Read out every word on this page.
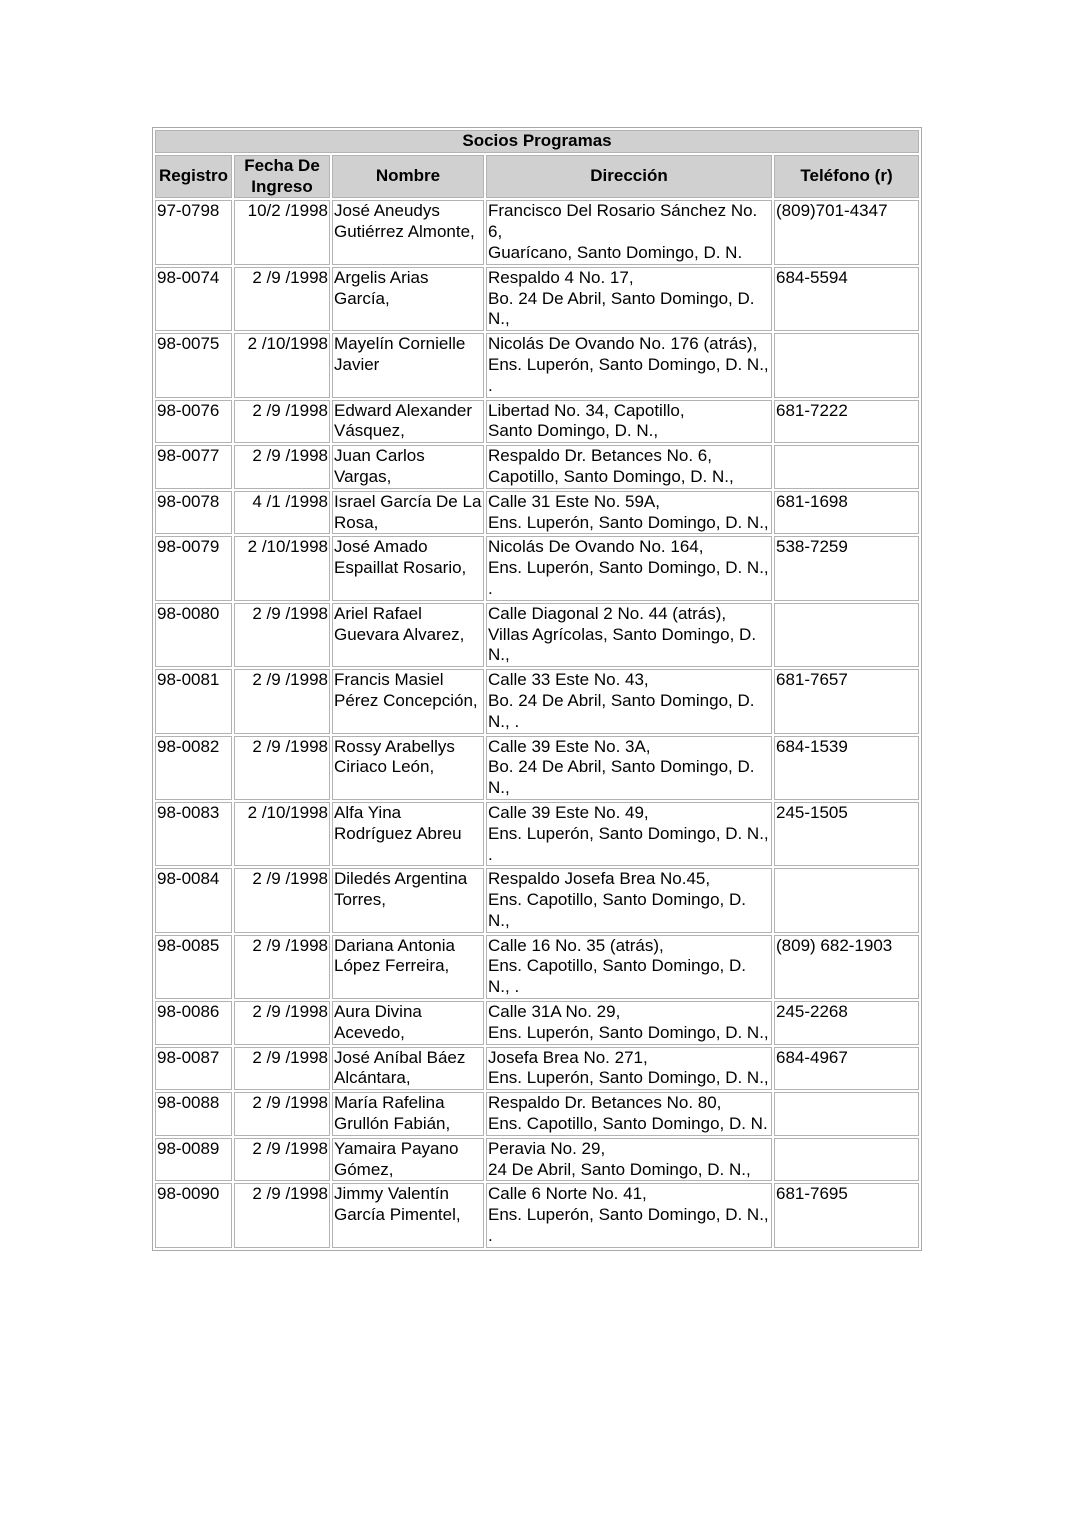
Socios Programas				
Registro	Fecha De Ingreso	Nombre	Dirección	Teléfono (r)
97-0798	10/2 /1998	José Aneudys Gutiérrez Almonte,	Francisco Del Rosario Sánchez No. 6,
Guarícano, Santo Domingo, D. N.	(809)701-4347
98-0074	2 /9 /1998	Argelis Arias García,	Respaldo 4 No. 17,
Bo. 24 De Abril, Santo Domingo, D. N.,	684-5594
98-0075	2 /10/1998	Mayelín Cornielle Javier	Nicolás De Ovando No. 176 (atrás),
Ens. Luperón, Santo Domingo, D. N., .	
98-0076	2 /9 /1998	Edward Alexander Vásquez,	Libertad No. 34, Capotillo,
Santo Domingo, D. N.,	681-7222
98-0077	2 /9 /1998	Juan Carlos Vargas,	Respaldo Dr. Betances No. 6,
Capotillo, Santo Domingo, D. N.,	
98-0078	4 /1 /1998	Israel García De La Rosa,	Calle 31 Este No. 59A,
Ens. Luperón, Santo Domingo, D. N.,	681-1698
98-0079	2 /10/1998	José Amado Espaillat Rosario,	Nicolás De Ovando No. 164,
Ens. Luperón, Santo Domingo, D. N., .	538-7259
98-0080	2 /9 /1998	Ariel Rafael Guevara Alvarez,	Calle Diagonal 2 No. 44 (atrás),
Villas Agrícolas, Santo Domingo, D. N.,	
98-0081	2 /9 /1998	Francis Masiel Pérez Concepción,	Calle 33 Este No. 43,
Bo. 24 De Abril, Santo Domingo, D. N., .	681-7657
98-0082	2 /9 /1998	Rossy Arabellys Ciriaco León,	Calle 39 Este No. 3A,
Bo. 24 De Abril, Santo Domingo, D. N.,	684-1539
98-0083	2 /10/1998	Alfa Yina Rodríguez Abreu	Calle 39 Este No. 49,
Ens. Luperón, Santo Domingo, D. N., .	245-1505
98-0084	2 /9 /1998	Diledés Argentina Torres,	Respaldo Josefa Brea No.45,
Ens. Capotillo, Santo Domingo, D. N.,	
98-0085	2 /9 /1998	Dariana Antonia López Ferreira,	Calle 16 No. 35 (atrás),
Ens. Capotillo, Santo Domingo, D. N., .	(809) 682-1903
98-0086	2 /9 /1998	Aura Divina Acevedo,	Calle 31A No. 29,
Ens. Luperón, Santo Domingo, D. N.,	245-2268
98-0087	2 /9 /1998	José Aníbal Báez Alcántara,	Josefa Brea No. 271,
Ens. Luperón, Santo Domingo, D. N.,	684-4967
98-0088	2 /9 /1998	María Rafelina Grullón Fabián,	Respaldo Dr. Betances No. 80,
Ens. Capotillo, Santo Domingo, D. N.	
98-0089	2 /9 /1998	Yamaira Payano Gómez,	Peravia No. 29,
24 De Abril, Santo Domingo, D. N.,	
98-0090	2 /9 /1998	Jimmy Valentín García Pimentel,	Calle 6 Norte No. 41,
Ens. Luperón, Santo Domingo, D. N., .	681-7695
